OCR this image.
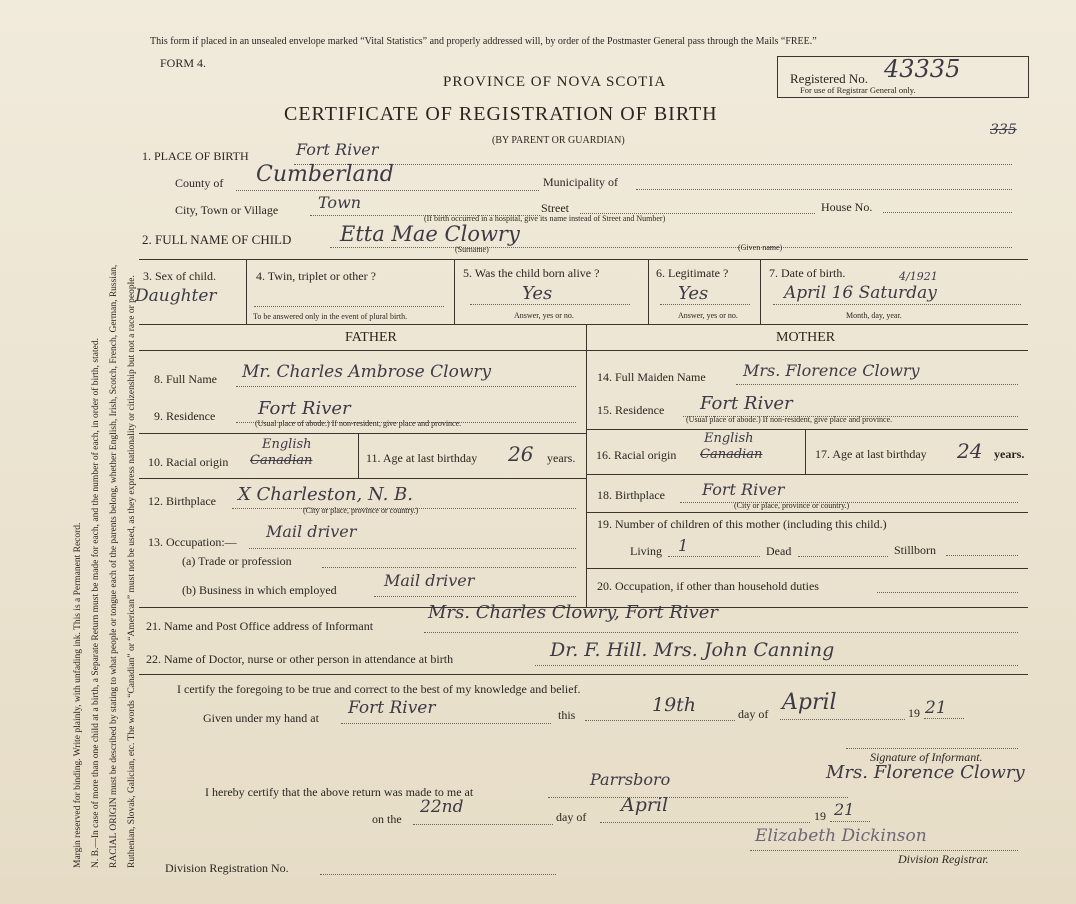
Margin reserved for binding. Write plainly, with unfading ink. This is a Permanent Record. N. B.—In case of more than one child at a birth, a Separate Return must be made for each, and the number of each, in order of birth, stated. RACIAL ORIGIN must be described by stating to what people or tongue each of the parents belong, whether English, Irish, Scotch, French, German, Russian, Ruthenian, Slovak, Galician, etc. The words “Canadian” or “American” must not be used, as they express nationality or citizenship but not a race or people.
This form if placed in an unsealed envelope marked “Vital Statistics” and properly addressed will, by order of the Postmaster General pass through the Mails “FREE.”
FORM 4.
PROVINCE OF NOVA SCOTIA
CERTIFICATE OF REGISTRATION OF BIRTH
(BY PARENT OR GUARDIAN)
Registered No. 43335
For use of Registrar General only.
335
1. PLACE OF BIRTH	Fort River
County of Cumberland	Municipality of
City, Town or Village Town	Street	House No.
(If birth occurred in a hospital, give its name instead of Street and Number)
2. FULL NAME OF CHILD Etta Mae Clowry
(Surname)	(Given name)
3. Sex of child.
Daughter
4. Twin, triplet or other ?
To be answered only in the event of plural birth.
5. Was the child born alive ?
Yes
Answer, yes or no.
6. Legitimate ?
Yes
Answer, yes or no.
7. Date of birth.	4/1921
April 16 Saturday
Month, day, year.
FATHER	MOTHER
8. Full Name Mr. Charles Ambrose Clowry
9. Residence Fort River
(Usual place of abode.) If non-resident, give place and province.
10. Racial origin
English
Canadian	11. Age at last birthday 26 years.
12. Birthplace X Charleston, N. B.
(City or place, province or country.)
13. Occupation:—
Mail driver
(a) Trade or profession
(b) Business in which employed	Mail driver
14. Full Maiden Name Mrs. Florence Clowry
15. Residence Fort River
(Usual place of abode.) If non-resident, give place and province.
16. Racial origin
English
Canadian	17. Age at last birthday 24 years.
18. Birthplace Fort River
(City or place, province or country.)
19. Number of children of this mother (including this child.)
Living 1	Dead	Stillborn
20. Occupation, if other than household duties
21. Name and Post Office address of Informant
Mrs. Charles Clowry, Fort River
22. Name of Doctor, nurse or other person in attendance at birth	Dr. F. Hill. Mrs. John Canning
I certify the foregoing to be true and correct to the best of my knowledge and belief.
Given under my hand at Fort River	this	19th	day of April	19 21
Signature of Informant.
I hereby certify that the above return was made to me at
Parrsboro	Mrs. Florence Clowry
on the
22nd	day of
April	19 21
Elizabeth Dickinson
Division Registrar.
Division Registration No.
